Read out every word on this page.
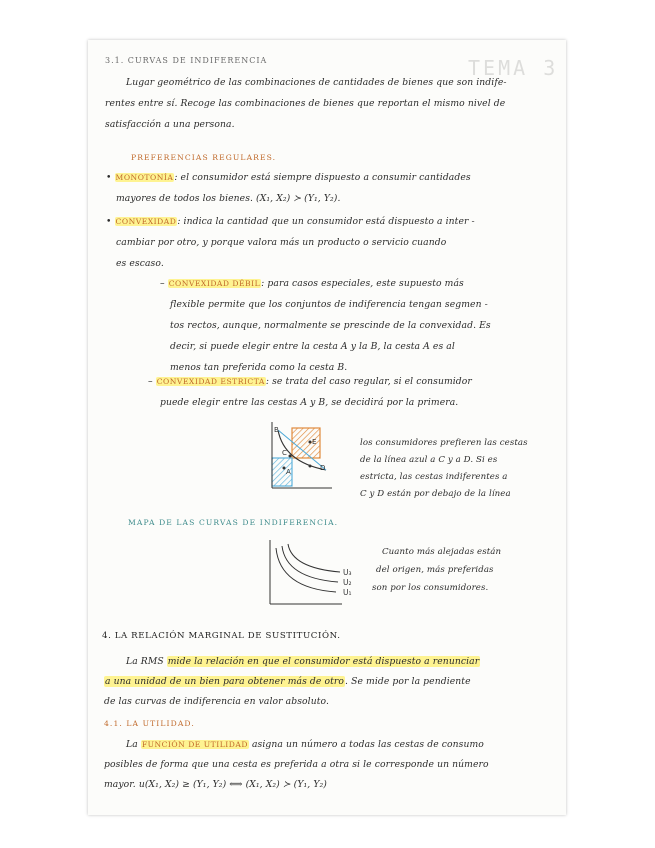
TEMA 3
3.1. CURVAS DE INDIFERENCIA
Lugar geométrico de las combinaciones de cantidades de bienes que son indife-
rentes entre sí. Recoge las combinaciones de bienes que reportan el mismo nivel de
satisfacción a una persona.
PREFERENCIAS REGULARES.
• MONOTONÍA: el consumidor está siempre dispuesto a consumir cantidades
mayores de todos los bienes. (X₁, X₂) ≻ (Y₁, Y₂).
• CONVEXIDAD: indica la cantidad que un consumidor está dispuesto a inter -
cambiar por otro, y porque valora más un producto o servicio cuando
es escaso.
– CONVEXIDAD DÉBIL: para casos especiales, este supuesto más
flexible permite que los conjuntos de indiferencia tengan segmen -
tos rectos, aunque, normalmente se prescinde de la convexidad. Es
decir, si puede elegir entre la cesta A y la B, la cesta A es al
menos tan preferida como la cesta B.
– CONVEXIDAD ESTRICTA: se trata del caso regular, si el consumidor
puede elegir entre las cestas A y B, se decidirá por la primera.
B
E
C
A	D
los consumidores prefieren las cestas
de la línea azul a C y a D. Si es
estricta, las cestas indiferentes a
C y D están por debajo de la línea
MAPA DE LAS CURVAS DE INDIFERENCIA.
U₃
U₂
U₁
Cuanto más alejadas están
del origen, más preferidas
son por los consumidores.
4. LA RELACIÓN MARGINAL DE SUSTITUCIÓN.
La RMS mide la relación en que el consumidor está dispuesto a renunciar
a una unidad de un bien para obtener más de otro. Se mide por la pendiente
de las curvas de indiferencia en valor absoluto.
4.1. LA UTILIDAD.
La FUNCIÓN DE UTILIDAD asigna un número a todas las cestas de consumo
posibles de forma que una cesta es preferida a otra si le corresponde un número
mayor. u(X₁, X₂) ≥ (Y₁, Y₂) ⟺ (X₁, X₂) ≻ (Y₁, Y₂)
